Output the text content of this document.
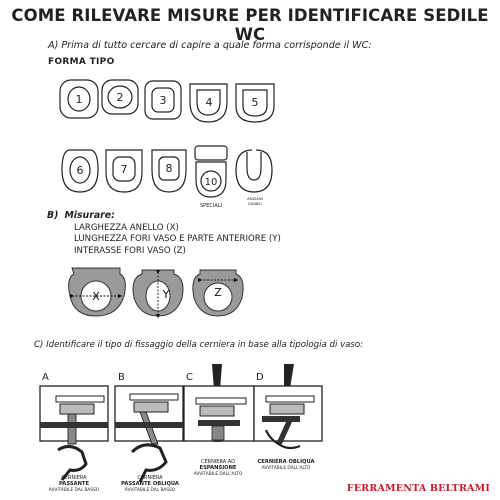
COME RILEVARE MISURE PER IDENTIFICARE SEDILE WC
A) Prima di tutto cercare di capire a quale forma corrisponde il WC:
FORMA TIPO
1	2	3	4	5
6	7	8
10
SPECIALI
ANZIANI
DISABILI
B) Misurare:
LARGHEZZA ANELLO (X)
LUNGHEZZA FORI VASO E PARTE ANTERIORE (Y)
INTERASSE FORI VASO (Z)
X	Y	Z
C) Identificare il tipo di fissaggio della cerniera in base alla tipologia di vaso:
A
CERNIERA
PASSANTE
AVVITABILE DAL BASSO
B
CERNIERA
PASSANTE OBLIQUA
AVVITABILE DAL BASSO
C
CERNIERA AD
ESPANSIONE
AVVITABILE DALL'ALTO
D
CERNIERA OBLIQUA
AVVITABILE DALL'ALTO
FERRAMENTA BELTRAMI
